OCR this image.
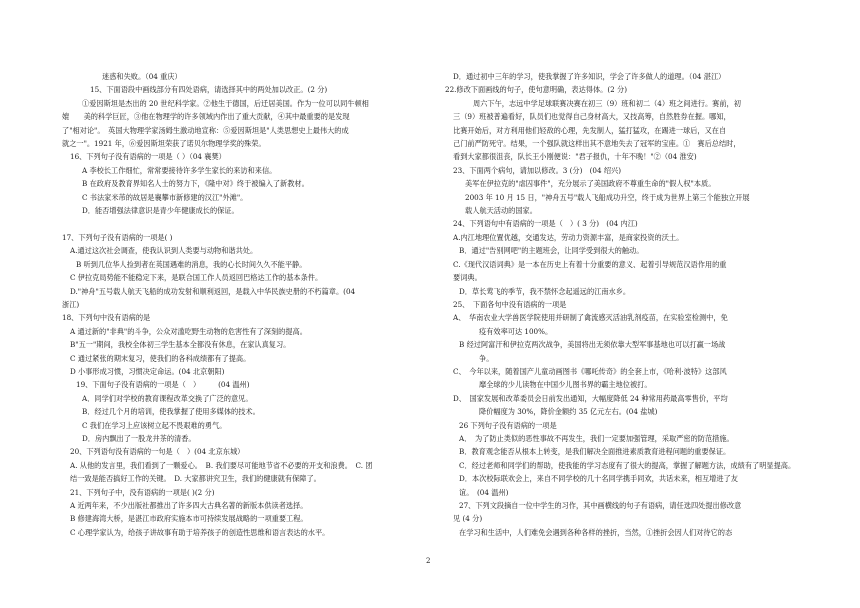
迷惑和失败。（04 重庆）
15、下面语段中画线部分有四处语病，请选择其中的两处加以改正。(2 分)
①爱因斯坦是杰出的 20 世纪科学家。②他生于德国，后迁居美国。作为一位可以同牛顿相
媲　　美的科学巨匠，③他在物理学的许多领域内作出了重大贡献，④其中最重要的是发现
了"相对论"。　英国大物理学家汤姆生激动地宣称：⑤爱因斯坦是"人类思想史上最伟大的成
就之一"。1921 年，⑥爱因斯坦荣获了诺贝尔物理学奖的殊荣。
16、下列句子没有语病的一项是（ ）（04 襄樊）
A 李校长工作细忙，常常要接待许多学生家长的来访和来信。
B 在政府及教育界知名人士的努力下，《隆中对》终于被编入了新教材。
C 书法家米芾的故居是襄攀市新修建的汉江"外滩"。
D．能否增强法律意识是青少年健康成长的保证。

17、下列句子没有语病的一项是( )
A.通过这次社会调查，使我认识到人类要与动物和谐共处。
B 听到几位华人捡到者在英国遇难的消息，我的心长时间久久不能平静。
C 伊拉克局势能不能稳定下来，是联合国工作人员返回巴格达工作的基本条件。
D."神舟"五号载人航天飞船的成功发射和顺利返回，是载入中华民族史册的不朽篇章。(04
浙江)
18、下列句中没有语病的是
A 通过新的"非典"的斗争，公众对滥吃野生动物的危害性有了深刻的提高。
B"五一"期间，我校全体初三学生基本全都没有休息，在家认真复习。
C 通过紧张的期末复习，使我们的各科成绩都有了提高。
D 小事形成习惯，习惯决定命运。(04 北京朝阳)
19、下面句子没有语病的一项是（　）　　　(04 温州)
A．同学们对学校的教育课程改革交换了广泛的意见。
B．经过几个月的培训，使我掌握了使用多媒体的技术。
C 我们在学习上应该树立起不畏艰难的勇气。
D．房内飘出了一股龙井茶的清香。
20、下列语句没有语病的一句是（　）(04 北京东城）
A. 从他的发言里，我们看到了一颗爱心。　B. 我们要尽可能地节省不必要的开支和浪费。　C. 团
结一致是能否搞好工作的关键。　D. 大家都讲究卫生，我们的健康就有保障了。
21、下列句子中，没有语病的一项是( )(2 分)
A 近两年来，不少出版社都推出了许多四大古典名著的新版本供读者选择。
B 修建海湾大桥，是湛江市政府实施本市可持续发展战略的一项重要工程。
C 心理学家认为，给孩子讲故事有助于培养孩子的创造性思维和语言表达的水平。
D．通过初中三年的学习，使我掌握了许多知识，学会了许多做人的道理。（04 湛江）
22.修改下面画线的句子，使句意明确，表达得体。(2 分)
周六下午，志远中学足球联赛决赛在初三（9）班和初二（4）班之间进行。赛前，初
三（9）班被普遍看好，队员们也觉得自己身材高大，又技高筹，自然胜券在握。哪知，
比赛开始后，对方利用他们轻敌的心理，先发制人，猛打猛攻，在踢进一球后，又在自
己门前严防死守。结果，一个强队就这样出其不意地失去了冠军的宝座。①　赛后总结时，
看到大家都很沮丧，队长王小刚便说："君子报仇，十年不晚！"②（04 淮安)
23、下面两个病句，请加以修改。3 (分)　(04 绍兴)
美军在伊拉克的"虐囚事件"，充分展示了美国政府不尊重生命的"假人权"本质。
2003 年 10 月 15 日，"神舟五号"载人飞船成功升空，终于成为世界上第三个能独立开展
载人航天活动的国家。
24、下列语句中有语病的一项是（　）( 3 分)　(04 内江)
A.内江地理位置优越，交通发达，劳动力资源丰富，是商家投资的沃土。
B．通过"告别网吧"的主题班会，让同学受到很大的触动。
C.《现代汉语词典》是一本在历史上有着十分重要的意义、起着引导规范汉语作用的重
要词典。
D．草长莺飞的季节，我不禁怀念起遥远的江南水乡。
25、　下面各句中没有语病的一项是
A、　华南农业大学兽医学院使用并研制了禽流感灭活油乳剂疫苗，在实验室检测中，免
疫有效率可达 100%。
B 经过阿富汗和伊拉克两次战争，美国将出无须依靠大型军事基地也可以打赢一场战
争。
C、　今年以来，随着国产儿童动画图书《哪吒传奇》的全套上市，《哈利·波特》这部风
靡全球的少儿读物在中国少儿图书界的霸主地位被打。
D、　国家发展和改革委员会日前发出通知，大幅度降低 24 种常用药最高零售价，平均
降价幅度为 30%，降价金额约 35 亿元左右。(04 盐城)
26 下列句子没有语病的一项是
A．　为了防止类似的恶性事故不再发生，我们一定要加强管理，采取严密的防范措施。
B．教育观念能否从根本上转变，是我们解决全面推进素质教育进程问题的重要保证。
C．经过老师和同学们的帮助，使我能的学习态度有了很大的提高，掌握了解题方法，成绩有了明显提高。
D．本次校际联欢会上，来自不同学校的几十名同学携手同欢，共话未来，相互增进了友
谊。　(04 温州)
27、下列文段摘自一位中学生的习作，其中画横线的句子有语病，请任选四处提出修改意
见 (4 分)
在学习和生活中，人们难免会遇到各种各样的挫折，当然，①挫折会因人们对待它的态
2
